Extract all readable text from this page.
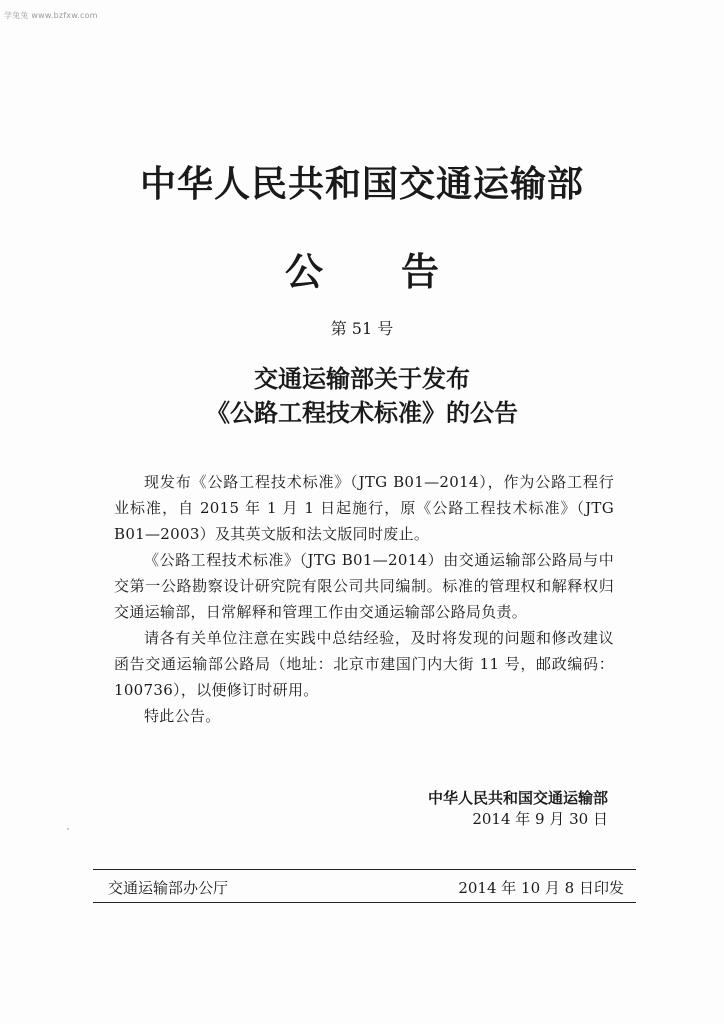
学兔兔 www.bzfxw.com
中华人民共和国交通运输部
公 告
第 51 号
交通运输部关于发布
《公路工程技术标准》的公告

现发布《公路工程技术标准》（JTG B01—2014），作为公路工程行业标准，自 2015 年 1 月 1 日起施行，原《公路工程技术标准》（JTG B01—2003）及其英文版和法文版同时废止。

《公路工程技术标准》（JTG B01—2014）由交通运输部公路局与中交第一公路勘察设计研究院有限公司共同编制。标准的管理权和解释权归交通运输部，日常解释和管理工作由交通运输部公路局负责。

请各有关单位注意在实践中总结经验，及时将发现的问题和修改建议函告交通运输部公路局（地址：北京市建国门内大街 11 号，邮政编码：100736），以便修订时研用。

特此公告。

中华人民共和国交通运输部
2014 年 9 月 30 日
交通运输部办公厅	2014 年 10 月 8 日印发
